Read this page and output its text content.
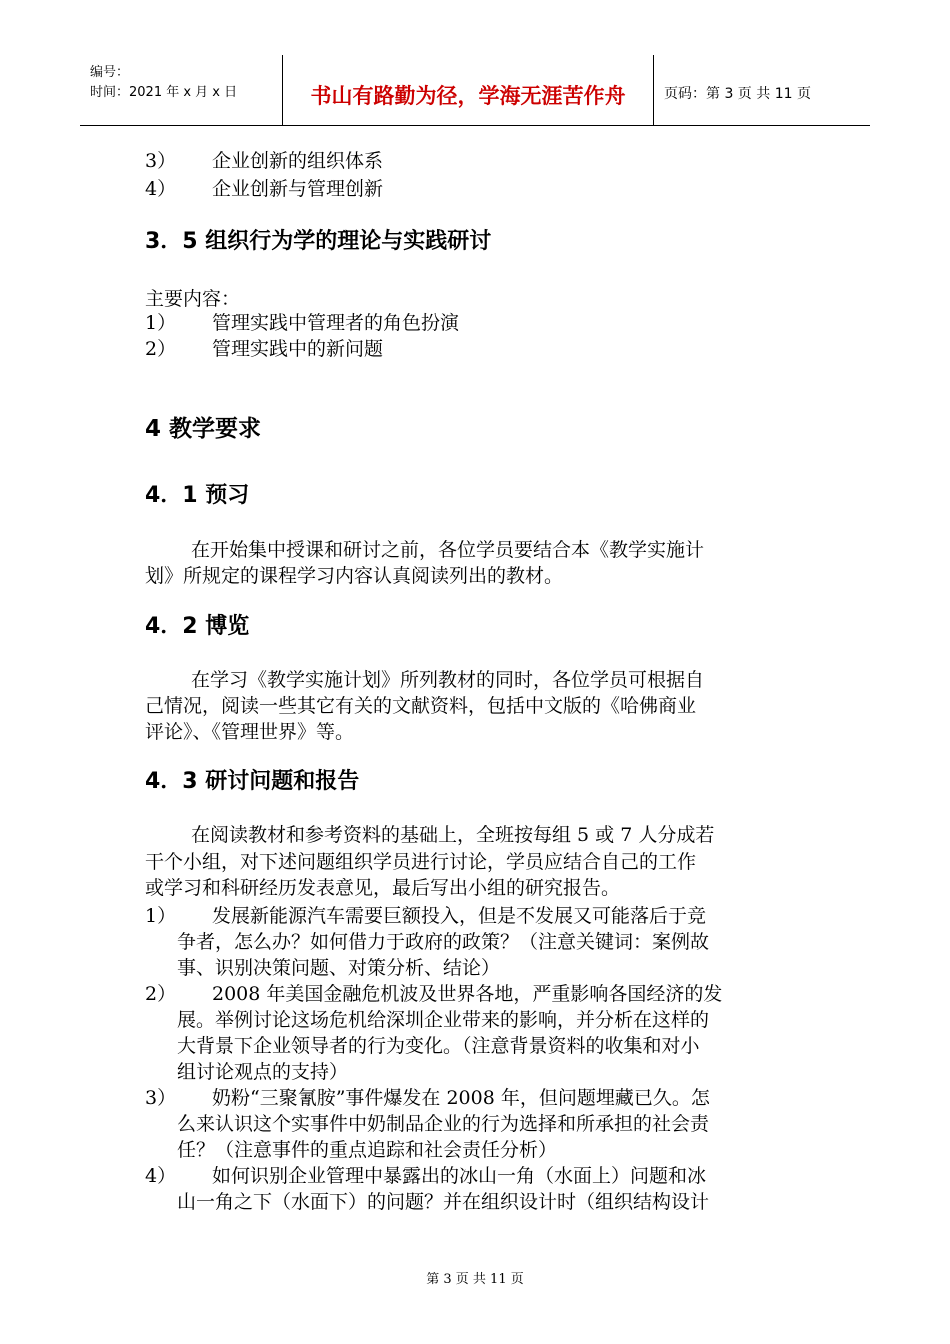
编号：
时间：2021 年 x 月 x 日	书山有路勤为径，学海无涯苦作舟	页码：第 3 页 共 11 页
3） 企业创新的组织体系
4） 企业创新与管理创新
3．5 组织行为学的理论与实践研讨
主要内容：
1） 管理实践中管理者的角色扮演
2） 管理实践中的新问题
4 教学要求
4．1 预习
在开始集中授课和研讨之前，各位学员要结合本《教学实施计
划》所规定的课程学习内容认真阅读列出的教材。
4．2 博览
在学习《教学实施计划》所列教材的同时，各位学员可根据自
己情况，阅读一些其它有关的文献资料，包括中文版的《哈佛商业
评论》、《管理世界》等。
4．3 研讨问题和报告
在阅读教材和参考资料的基础上，全班按每组 5 或 7 人分成若
干个小组，对下述问题组织学员进行讨论，学员应结合自己的工作
或学习和科研经历发表意见，最后写出小组的研究报告。
1） 发展新能源汽车需要巨额投入，但是不发展又可能落后于竞
争者，怎么办？如何借力于政府的政策？（注意关键词：案例故
事、识别决策问题、对策分析、结论）
2） 2008 年美国金融危机波及世界各地，严重影响各国经济的发
展。举例讨论这场危机给深圳企业带来的影响，并分析在这样的
大背景下企业领导者的行为变化。（注意背景资料的收集和对小
组讨论观点的支持）
3） 奶粉“三聚氰胺”事件爆发在 2008 年，但问题埋藏已久。怎
么来认识这个实事件中奶制品企业的行为选择和所承担的社会责
任？（注意事件的重点追踪和社会责任分析）
4） 如何识别企业管理中暴露出的冰山一角（水面上）问题和冰
山一角之下（水面下）的问题？并在组织设计时（组织结构设计
第 3 页 共 11 页
